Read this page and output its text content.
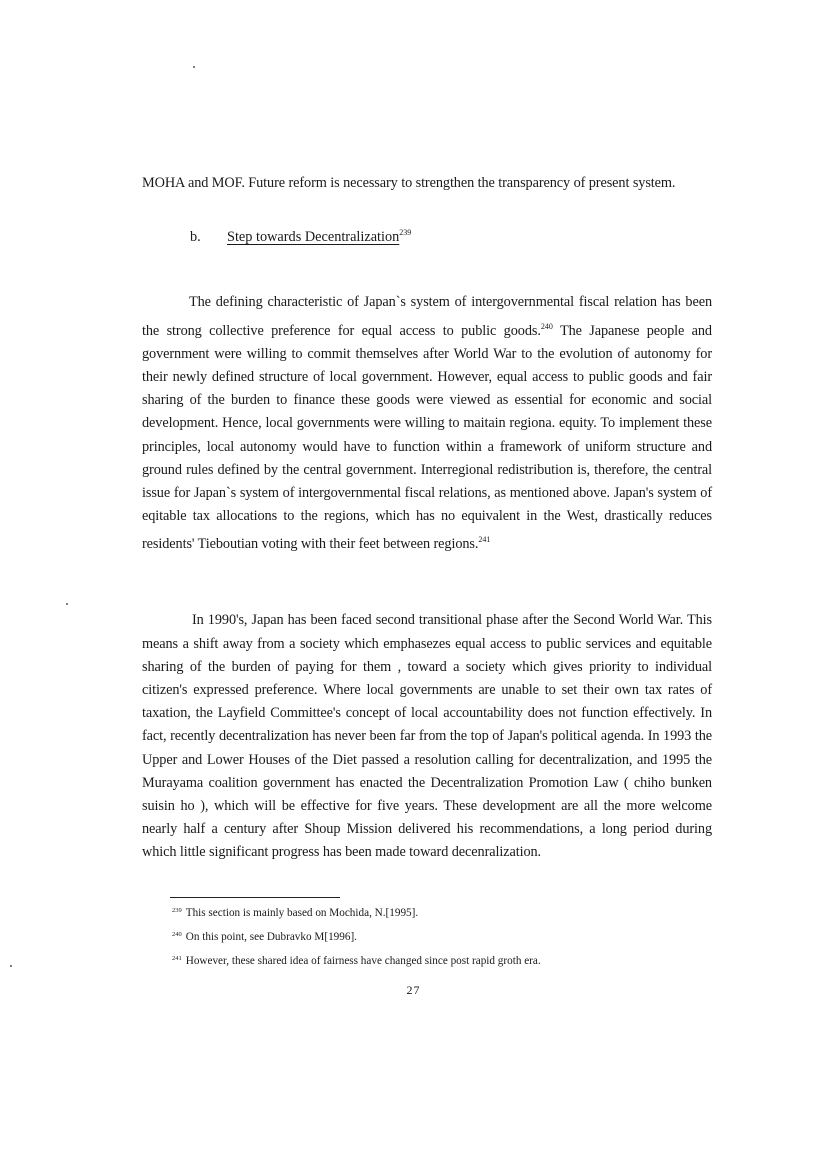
MOHA and MOF. Future reform is necessary to strengthen the transparency of present system.

b. Step towards Decentralization$^{239}$

The defining characteristic of Japan`s system of intergovernmental fiscal relation has been the strong collective preference for equal access to public goods.$^{240}$ The Japanese people and government were willing to commit themselves after World War to the evolution of autonomy for their newly defined structure of local government. However, equal access to public goods and fair sharing of the burden to finance these goods were viewed as essential for economic and social development. Hence, local governments were willing to maitain regiona. equity. To implement these principles, local autonomy would have to function within a framework of uniform structure and ground rules defined by the central government. Interregional redistribution is, therefore, the central issue for Japan`s system of intergovernmental fiscal relations, as mentioned above. Japan's system of eqitable tax allocations to the regions, which has no equivalent in the West, drastically reduces residents' Tieboutian voting with their feet between regions.$^{241}$

In 1990's, Japan has been faced second transitional phase after the Second World War. This means a shift away from a society which emphasezes equal access to public services and equitable sharing of the burden of paying for them , toward a society which gives priority to individual citizen's expressed preference. Where local governments are unable to set their own tax rates of taxation, the Layfield Committee's concept of local accountability does not function effectively. In fact, recently decentralization has never been far from the top of Japan's political agenda. In 1993 the Upper and Lower Houses of the Diet passed a resolution calling for decentralization, and 1995 the Murayama coalition government has enacted the Decentralization Promotion Law ( chiho bunken suisin ho ), which will be effective for five years. These development are all the more welcome nearly half a century after Shoup Mission delivered his recommendations, a long period during which little significant progress has been made toward decenralization.

$^{239}$ This section is mainly based on Mochida, N.[1995].
$^{240}$ On this point, see Dubravko M[1996].
$^{241}$ However, these shared idea of fairness have changed since post rapid groth era.
27
